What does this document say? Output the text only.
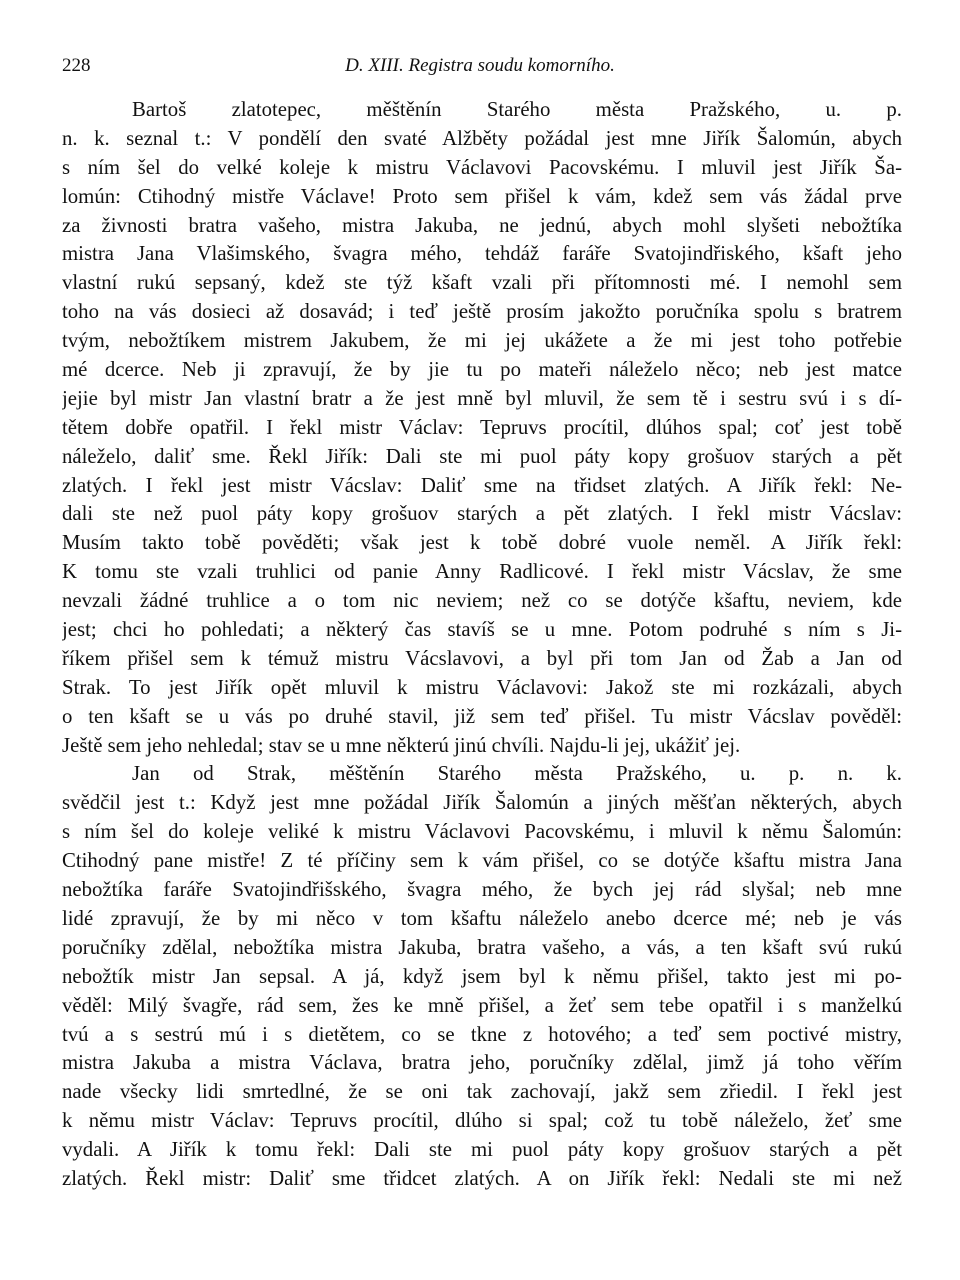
228	D. XIII. Registra soudu komorního.
Bartoš zlatotepec, měštěnín Starého města Pražského, u. p.
n. k. seznal t.: V pondělí den svaté Alžběty požádal jest mne Jiřík Šalomún, abych
s ním šel do velké koleje k mistru Václavovi Pacovskému. I mluvil jest Jiřík Ša-
lomún: Ctihodný mistře Václave! Proto sem přišel k vám, kdež sem vás žádal prve
za živnosti bratra vašeho, mistra Jakuba, ne jednú, abych mohl slyšeti nebožtíka
mistra Jana Vlašimského, švagra mého, tehdáž faráře Svatojindřiského, kšaft jeho
vlastní rukú sepsaný, kdež ste týž kšaft vzali při přítomnosti mé. I nemohl sem
toho na vás dosieci až dosavád; i teď ještě prosím jakožto poručníka spolu s bratrem
tvým, nebožtíkem mistrem Jakubem, že mi jej ukážete a že mi jest toho potřebie
mé dcerce. Neb ji zpravují, že by jie tu po mateři náleželo něco; neb jest matce
jejie byl mistr Jan vlastní bratr a že jest mně byl mluvil, že sem tě i sestru svú i s dí-
tětem dobře opatřil. I řekl mistr Václav: Tepruvs procítil, dlúhos spal; coť jest tobě
náleželo, daliť sme. Řekl Jiřík: Dali ste mi puol páty kopy grošuov starých a pět
zlatých. I řekl jest mistr Vácslav: Daliť sme na třidset zlatých. A Jiřík řekl: Ne-
dali ste než puol páty kopy grošuov starých a pět zlatých. I řekl mistr Vácslav:
Musím takto tobě pověděti; však jest k tobě dobré vuole neměl. A Jiřík řekl:
K tomu ste vzali truhlici od panie Anny Radlicové. I řekl mistr Vácslav, že sme
nevzali žádné truhlice a o tom nic neviem; než co se dotýče kšaftu, neviem, kde
jest; chci ho pohledati; a některý čas stavíš se u mne. Potom podruhé s ním s Ji-
říkem přišel sem k témuž mistru Vácslavovi, a byl při tom Jan od Žab a Jan od
Strak. To jest Jiřík opět mluvil k mistru Václavovi: Jakož ste mi rozkázali, abych
o ten kšaft se u vás po druhé stavil, již sem teď přišel. Tu mistr Vácslav pověděl:
Ještě sem jeho nehledal; stav se u mne některú jinú chvíli. Najdu-li jej, ukážiť jej.
Jan od Strak, měštěnín Starého města Pražského, u. p. n. k.
svědčil jest t.: Když jest mne požádal Jiřík Šalomún a jiných měšťan některých, abych
s ním šel do koleje veliké k mistru Václavovi Pacovskému, i mluvil k němu Šalomún:
Ctihodný pane mistře! Z té příčiny sem k vám přišel, co se dotýče kšaftu mistra Jana
nebožtíka faráře Svatojindřišského, švagra mého, že bych jej rád slyšal; neb mne
lidé zpravují, že by mi něco v tom kšaftu náleželo anebo dcerce mé; neb je vás
poručníky zdělal, nebožtíka mistra Jakuba, bratra vašeho, a vás, a ten kšaft svú rukú
nebožtík mistr Jan sepsal. A já, když jsem byl k němu přišel, takto jest mi po-
věděl: Milý švagře, rád sem, žes ke mně přišel, a žeť sem tebe opatřil i s manželkú
tvú a s sestrú mú i s dietětem, co se tkne z hotového; a teď sem poctivé mistry,
mistra Jakuba a mistra Václava, bratra jeho, poručníky zdělal, jimž já toho věřím
nade všecky lidi smrtedlné, že se oni tak zachovají, jakž sem zřiedil. I řekl jest
k němu mistr Václav: Tepruvs procítil, dlúho si spal; což tu tobě náleželo, žeť sme
vydali. A Jiřík k tomu řekl: Dali ste mi puol páty kopy grošuov starých a pět
zlatých. Řekl mistr: Daliť sme třidcet zlatých. A on Jiřík řekl: Nedali ste mi než
